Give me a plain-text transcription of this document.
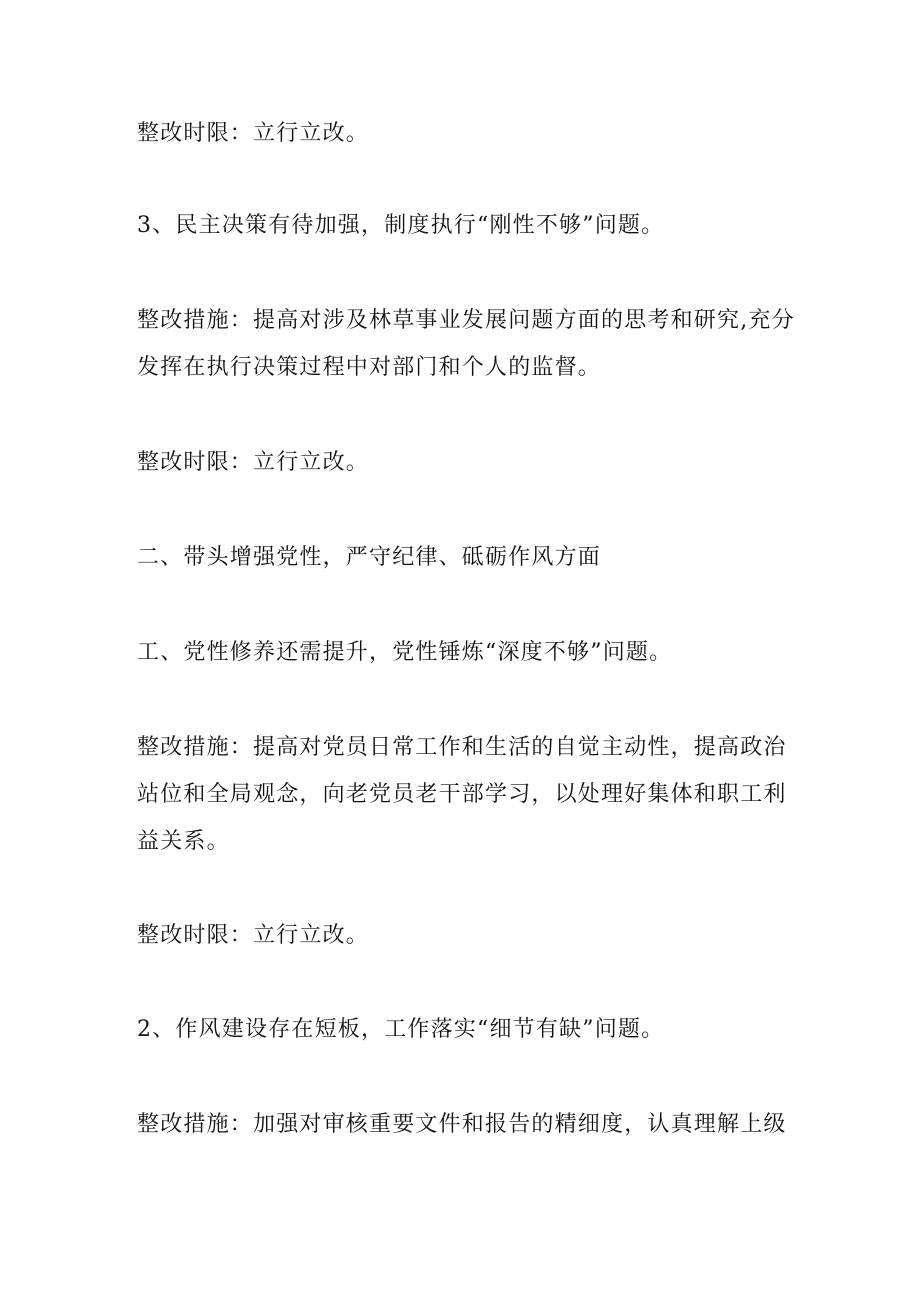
整改时限：立行立改。
3、民主决策有待加强，制度执行“刚性不够”问题。
整改措施：提高对涉及林草事业发展问题方面的思考和研究,充分发挥在执行决策过程中对部门和个人的监督。
整改时限：立行立改。
二、带头增强党性，严守纪律、砥砺作风方面
工、党性修养还需提升，党性锤炼“深度不够”问题。
整改措施：提高对党员日常工作和生活的自觉主动性，提高政治站位和全局观念，向老党员老干部学习，以处理好集体和职工利益关系。
整改时限：立行立改。
2、作风建设存在短板，工作落实“细节有缺”问题。
整改措施：加强对审核重要文件和报告的精细度，认真理解上级
